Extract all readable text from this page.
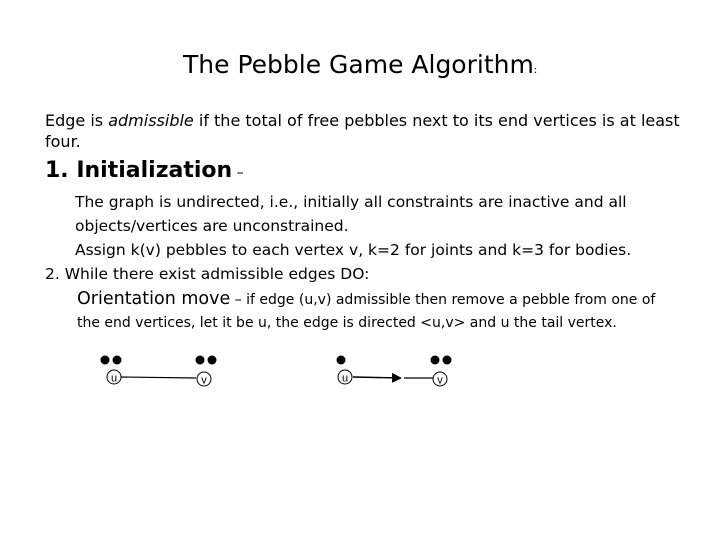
The Pebble Game Algorithm:
Edge is admissible if the total of free pebbles next to its end vertices is at least four.
1. Initialization –
The graph is undirected, i.e., initially all constraints are inactive and all
objects/vertices are unconstrained.
Assign k(v) pebbles to each vertex v, k=2 for joints and k=3 for bodies.
2. While there exist admissible edges DO:
Orientation move – if edge (u,v) admissible then remove a pebble from one of
the end vertices, let it be u, the edge is directed <u,v> and u the tail vertex.
u	v	u	v
